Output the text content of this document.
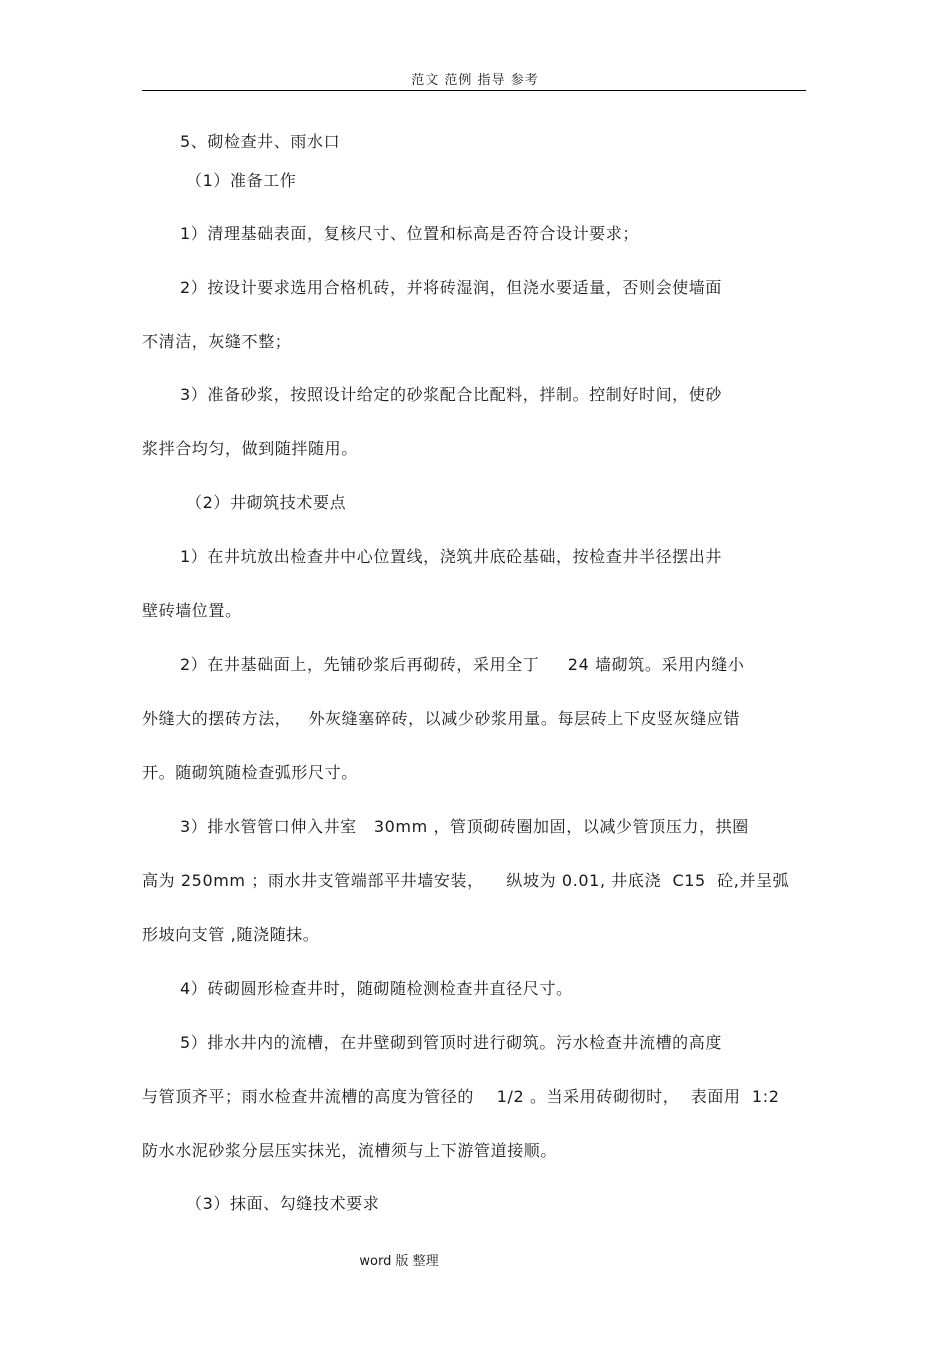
范文 范例 指导 参考
5、砌检查井、雨水口
（1）准备工作
1）清理基础表面，复核尺寸、位置和标高是否符合设计要求；
2）按设计要求选用合格机砖，并将砖湿润，但浇水要适量，否则会使墙面
不清洁，灰缝不整；
3）准备砂浆，按照设计给定的砂浆配合比配料，拌制。控制好时间，使砂
浆拌合均匀，做到随拌随用。
（2）井砌筑技术要点
1）在井坑放出检查井中心位置线，浇筑井底砼基础，按检查井半径摆出井
壁砖墙位置。
2）在井基础面上，先铺砂浆后再砌砖，采用全丁     24 墙砌筑。采用内缝小
外缝大的摆砖方法，   外灰缝塞碎砖，以减少砂浆用量。每层砖上下皮竖灰缝应错
开。随砌筑随检查弧形尺寸。
3）排水管管口伸入井室   30mm ，管顶砌砖圈加固，以减少管顶压力，拱圈
高为 250mm ；雨水井支管端部平井墙安装，    纵坡为 0.01, 井底浇  C15  砼,并呈弧
形坡向支管 ,随浇随抹。
4）砖砌圆形检查井时，随砌随检测检查井直径尺寸。
5）排水井内的流槽，在井壁砌到管顶时进行砌筑。污水检查井流槽的高度
与管顶齐平；雨水检查井流槽的高度为管径的    1/2 。当采用砖砌彻时，  表面用  1:2
防水水泥砂浆分层压实抹光，流槽须与上下游管道接顺。
（3）抹面、勾缝技术要求
word 版 整理
